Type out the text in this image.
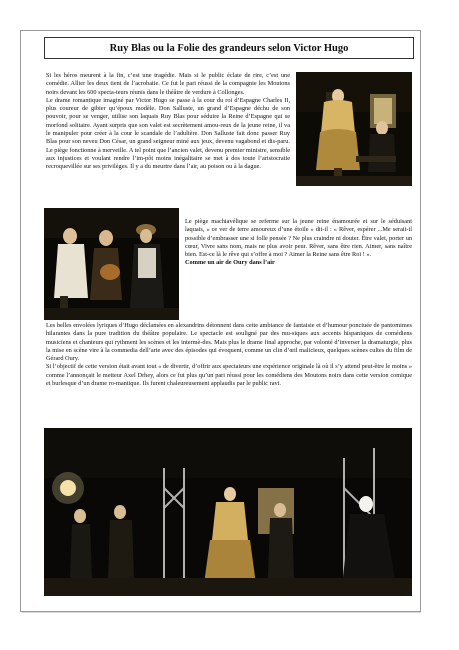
Ruy Blas ou la Folie des grandeurs selon Victor Hugo

Si les héros meurent à la fin, c’est une tragédie. Mais si le public éclate de rire, c’est une comédie. Allier les deux tient de l’acrobatie. Ce fut le pari réussi de la compagnie les Moutons noirs devant les 600 specta-teurs réunis dans le théâtre de verdure à Collonges.

Le drame romantique imaginé par Victor Hugo se passe à la cour du roi d’Espagne Charles II, plus coureur de gibier qu’époux modèle. Don Salluste, un grand d’Espagne déchu de son pouvoir, pour se venger, utilise son laquais Ruy Blas pour séduire la Reine d’Espagne qui se morfond solitaire. Ayant surpris que son valet est secrètement amou-reux de la jeune reine, il va le manipuler pour créer à la cour le scandale de l’adultère. Don Salluste fait donc passer Ruy Blas pour son neveu Don César, un grand seigneur miné aux jeux, devenu vagabond et dis-paru. Le piège fonctionne à merveille. A tel point que l’ancien valet, devenu premier ministre, sensible aux injustices et voulant rendre l’im-pôt moins inégalitaire se met à dos toute l’aristocratie recroquevillée sur ses privilèges. Il y a du meurtre dans l’air, au poison ou à la dague.

Le piège machiavélique se referme sur la jeune reine énamourée et sur le séduisant laquais, « ce ver de terre amoureux d’une étoile » dit-il : « Rêver, espérer ...Me serait-il possible d’embrasser une si folle pensée ? Ne plus craindre ni douter. Être valet, porter un cœur, Vivre sans nom, mais ne plus avoir peur. Rêver, sans être rien. Aimer, sans naître bien. Est-ce là le rêve qui s’offre à moi ? Aimer la Reine sans être Roi ! ».

Comme un air de Oury dans l’air

Les belles envolées lyriques d’Hugo déclamées en alexandrins détonnent dans cette ambiance de fantaisie et d’humour ponctuée de pantomimes hilarantes dans la pure tradition du théâtre populaire. Le spectacle est souligné par des mu-siques aux accents hispaniques de comédiens musiciens et chanteurs qui rythment les scènes et les intermè-des. Mais plus le drame final approche, par volonté d’inverser la dramaturgie, plus la mise en scène vire à la commedia dell’arte avec des épisodes qui évoquent, comme un clin d’œil malicieux, quelques scènes cultes du film de Gérard Oury.

Si l’objectif de cette version était avant tout « de divertir, d’offrir aux spectateurs une expérience originale là où il s’y attend peut-être le moins » comme l’annonçait le metteur Axel Drhey, alors ce fut plus qu’un pari réussi pour les comédiens des Moutons noirs dans cette version comique et burlesque d’un drame ro-mantique. Ils furent chaleureusement applaudis par le public ravi.
